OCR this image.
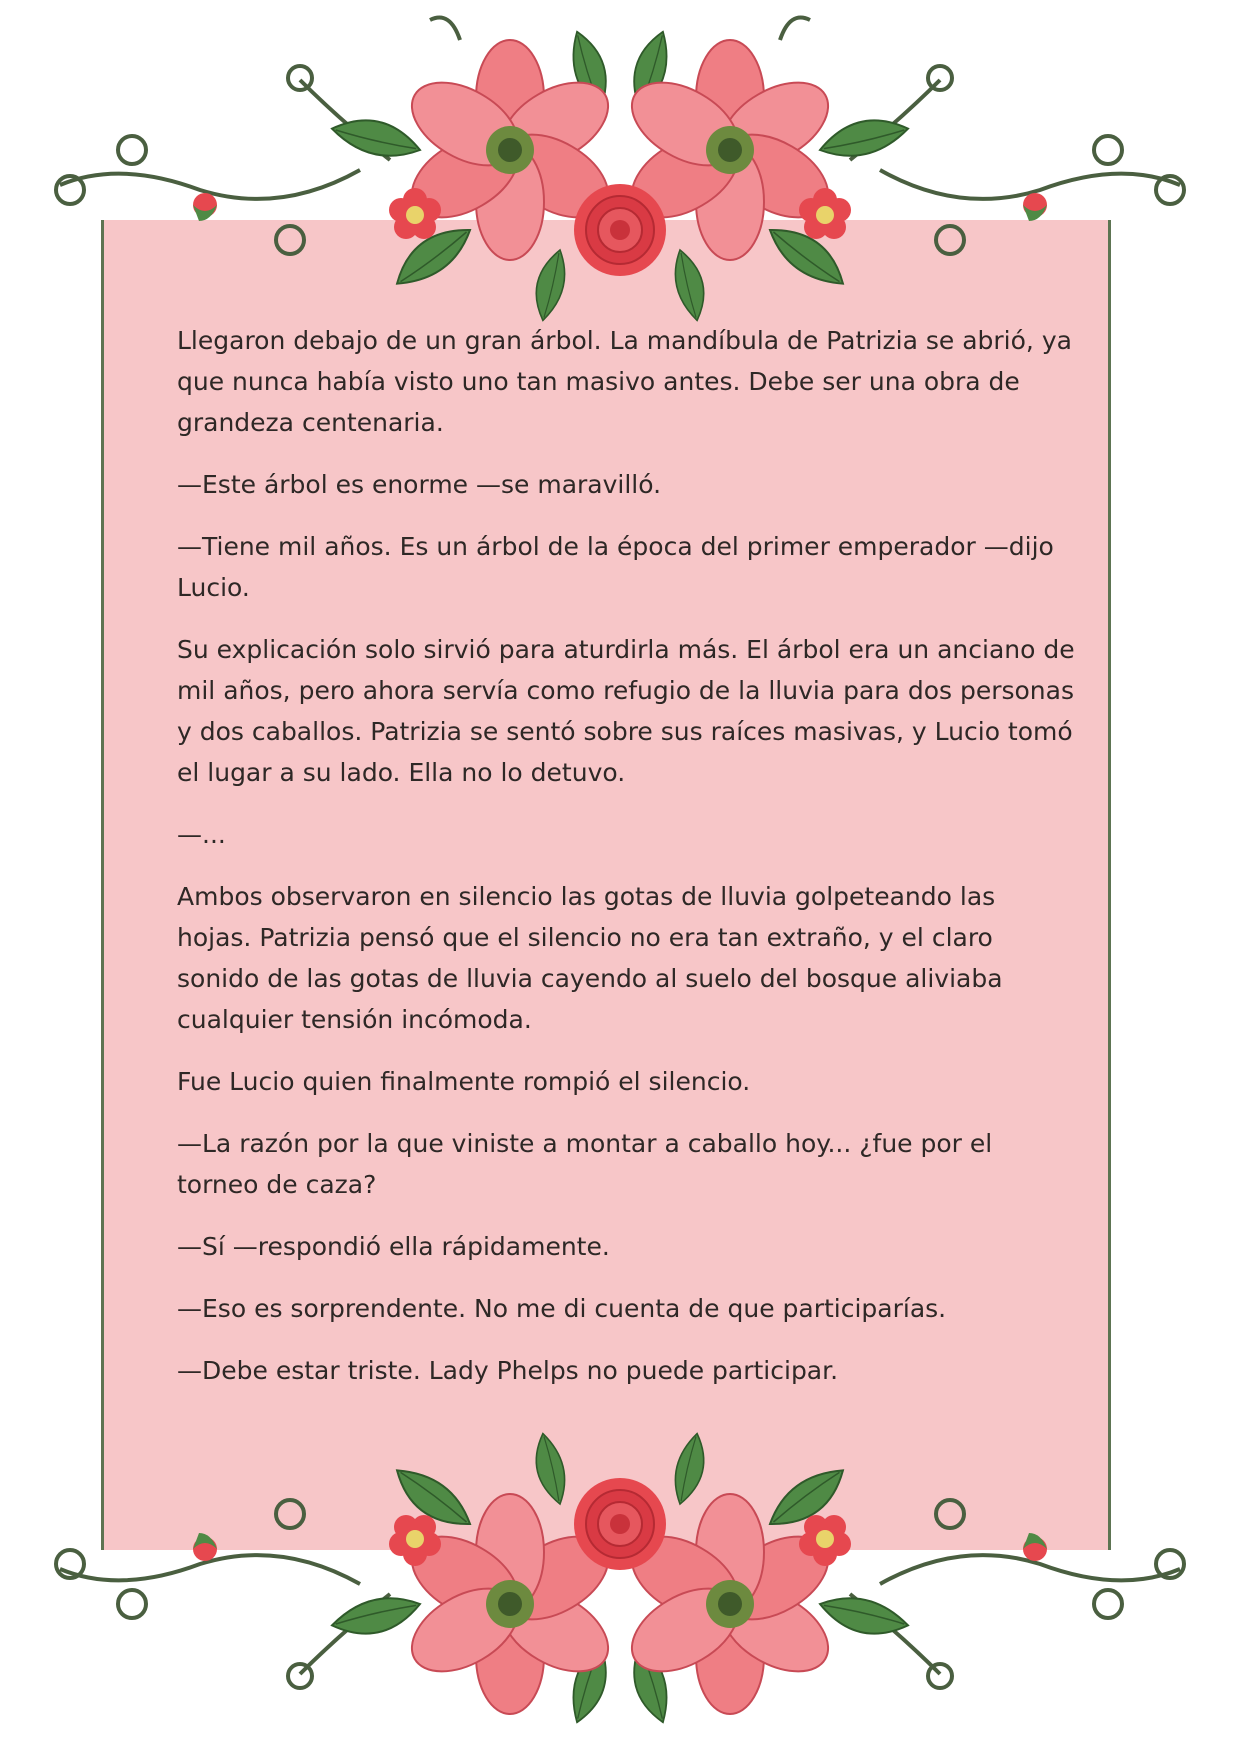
Llegaron debajo de un gran árbol. La mandíbula de Patrizia se abrió, ya que nunca había visto uno tan masivo antes. Debe ser una obra de grandeza centenaria.

—Este árbol es enorme —se maravilló.

—Tiene mil años. Es un árbol de la época del primer emperador —dijo Lucio.

Su explicación solo sirvió para aturdirla más. El árbol era un anciano de mil años, pero ahora servía como refugio de la lluvia para dos personas y dos caballos. Patrizia se sentó sobre sus raíces masivas, y Lucio tomó el lugar a su lado. Ella no lo detuvo.

—...

Ambos observaron en silencio las gotas de lluvia golpeteando las hojas. Patrizia pensó que el silencio no era tan extraño, y el claro sonido de las gotas de lluvia cayendo al suelo del bosque aliviaba cualquier tensión incómoda.

Fue Lucio quien finalmente rompió el silencio.

—La razón por la que viniste a montar a caballo hoy... ¿fue por el torneo de caza?

—Sí —respondió ella rápidamente.

—Eso es sorprendente. No me di cuenta de que participarías.

—Debe estar triste. Lady Phelps no puede participar.
